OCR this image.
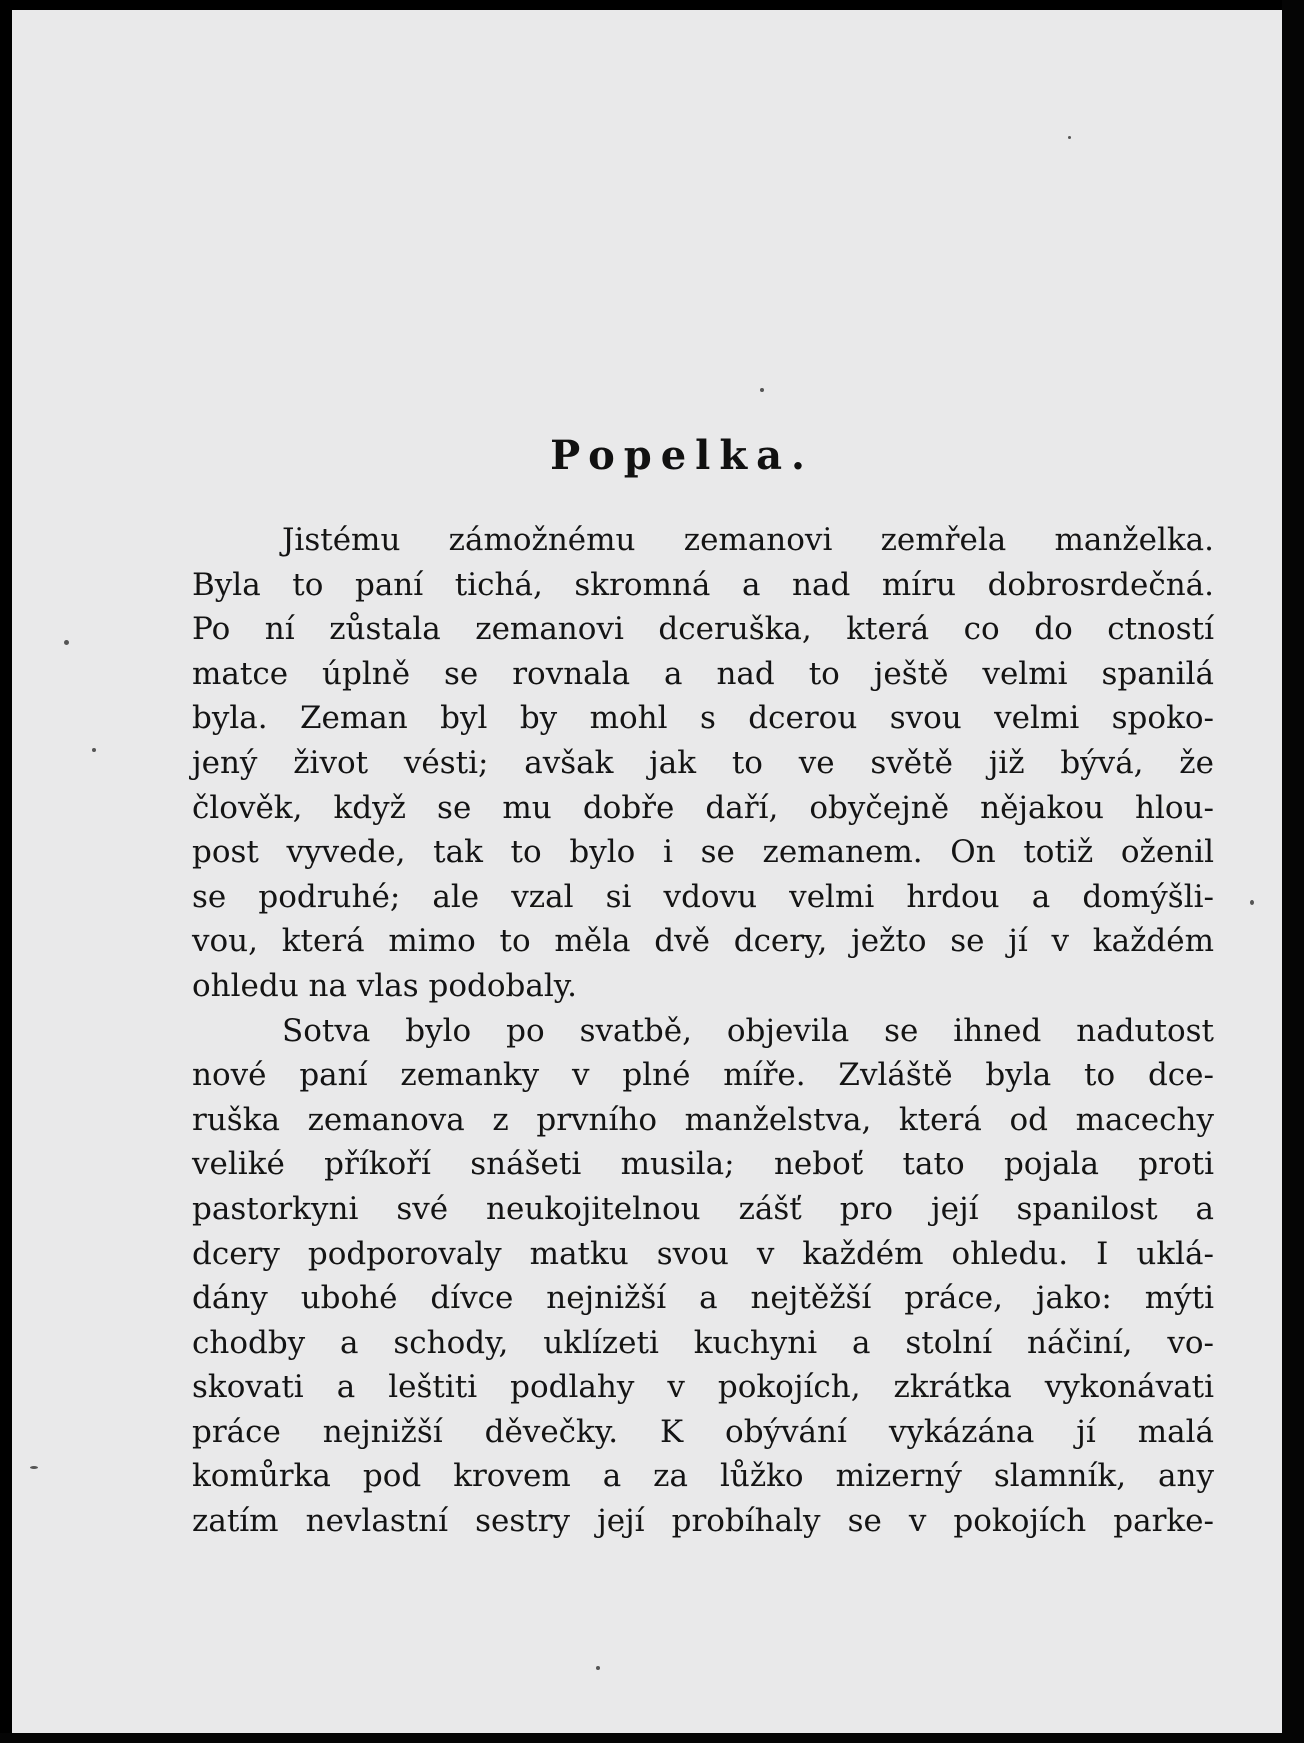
Popelka.
Jistému zámožnému zemanovi zemřela manželka.
Byla to paní tichá, skromná a nad míru dobrosrdečná.
Po ní zůstala zemanovi dceruška, která co do ctností
matce úplně se rovnala a nad to ještě velmi spanilá
byla. Zeman byl by mohl s dcerou svou velmi spoko-
jený život vésti; avšak jak to ve světě již bývá, že
člověk, když se mu dobře daří, obyčejně nějakou hlou-
post vyvede, tak to bylo i se zemanem. On totiž oženil
se podruhé; ale vzal si vdovu velmi hrdou a domýšli-
vou, která mimo to měla dvě dcery, ježto se jí v každém
ohledu na vlas podobaly.
Sotva bylo po svatbě, objevila se ihned nadutost
nové paní zemanky v plné míře. Zvláště byla to dce-
ruška zemanova z prvního manželstva, která od macechy
veliké příkoří snášeti musila; neboť tato pojala proti
pastorkyni své neukojitelnou zášť pro její spanilost a
dcery podporovaly matku svou v každém ohledu. I uklá-
dány ubohé dívce nejnižší a nejtěžší práce, jako: mýti
chodby a schody, uklízeti kuchyni a stolní náčiní, vo-
skovati a leštiti podlahy v pokojích, zkrátka vykonávati
práce nejnižší děvečky. K obývání vykázána jí malá
komůrka pod krovem a za lůžko mizerný slamník, any
zatím nevlastní sestry její probíhaly se v pokojích parke-
